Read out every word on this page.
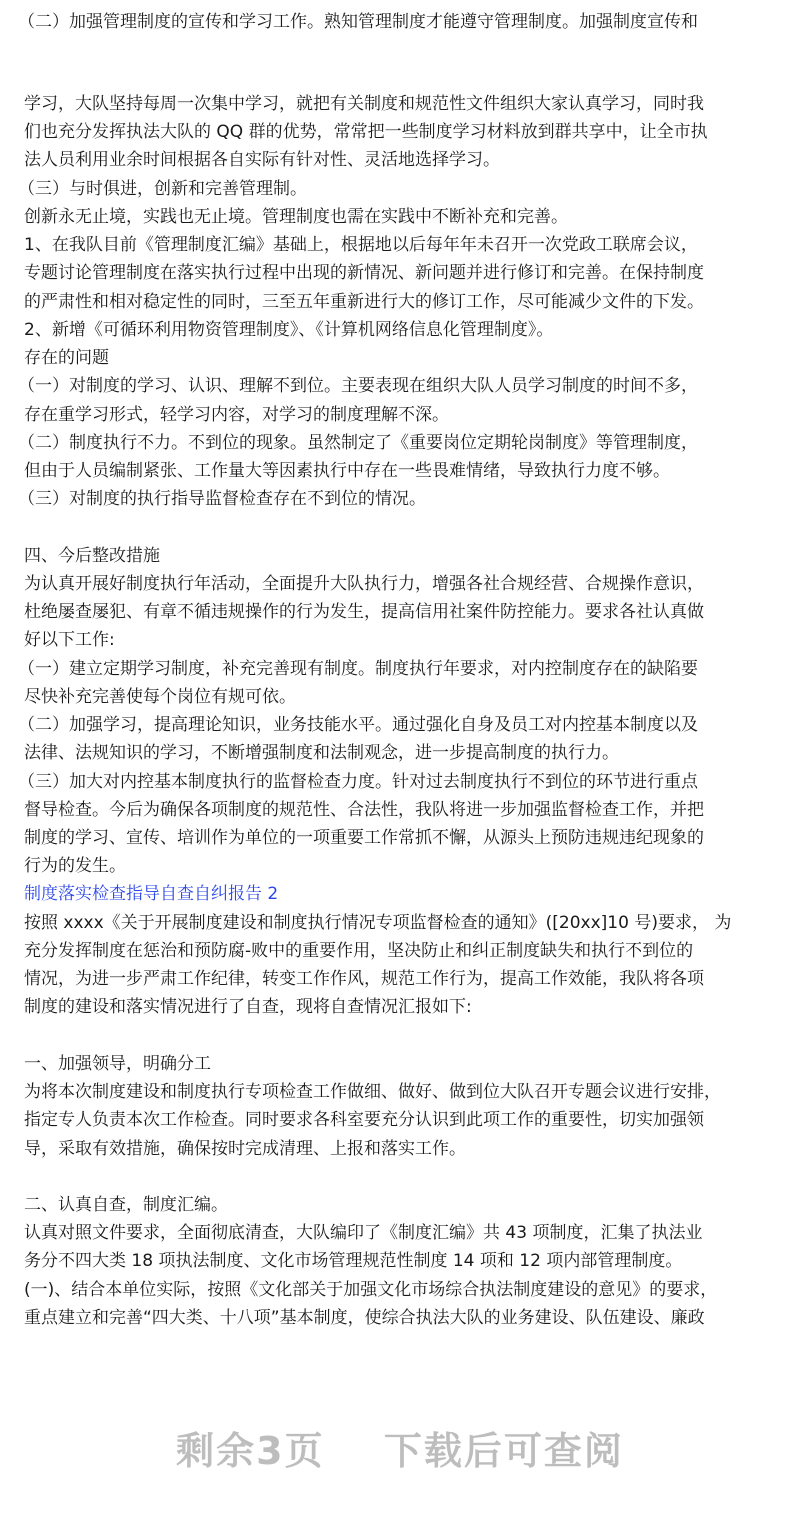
（二）加强管理制度的宣传和学习工作。熟知管理制度才能遵守管理制度。加强制度宣传和
学习，大队坚持每周一次集中学习，就把有关制度和规范性文件组织大家认真学习，同时我
们也充分发挥执法大队的 QQ 群的优势，常常把一些制度学习材料放到群共享中，让全市执
法人员利用业余时间根据各自实际有针对性、灵活地选择学习。
（三）与时俱进，创新和完善管理制。
创新永无止境，实践也无止境。管理制度也需在实践中不断补充和完善。
1、在我队目前《管理制度汇编》基础上，根据地以后每年年未召开一次党政工联席会议，
专题讨论管理制度在落实执行过程中出现的新情况、新问题并进行修订和完善。在保持制度
的严肃性和相对稳定性的同时，三至五年重新进行大的修订工作，尽可能减少文件的下发。
2、新增《可循环利用物资管理制度》、《计算机网络信息化管理制度》。
存在的问题
（一）对制度的学习、认识、理解不到位。主要表现在组织大队人员学习制度的时间不多，
存在重学习形式，轻学习内容，对学习的制度理解不深。
（二）制度执行不力。不到位的现象。虽然制定了《重要岗位定期轮岗制度》等管理制度，
但由于人员编制紧张、工作量大等因素执行中存在一些畏难情绪，导致执行力度不够。
（三）对制度的执行指导监督检查存在不到位的情况。
四、今后整改措施
为认真开展好制度执行年活动，全面提升大队执行力，增强各社合规经营、合规操作意识，
杜绝屡查屡犯、有章不循违规操作的行为发生，提高信用社案件防控能力。要求各社认真做
好以下工作:
（一）建立定期学习制度，补充完善现有制度。制度执行年要求，对内控制度存在的缺陷要
尽快补充完善使每个岗位有规可依。
（二）加强学习，提高理论知识，业务技能水平。通过强化自身及员工对内控基本制度以及
法律、法规知识的学习，不断增强制度和法制观念，进一步提高制度的执行力。
（三）加大对内控基本制度执行的监督检查力度。针对过去制度执行不到位的环节进行重点
督导检查。今后为确保各项制度的规范性、合法性，我队将进一步加强监督检查工作，并把
制度的学习、宣传、培训作为单位的一项重要工作常抓不懈，从源头上预防违规违纪现象的
行为的发生。
制度落实检查指导自查自纠报告 2
按照 xxxx《关于开展制度建设和制度执行情况专项监督检查的通知》([20xx]10 号)要求， 为
充分发挥制度在惩治和预防腐-败中的重要作用，坚决防止和纠正制度缺失和执行不到位的
情况，为进一步严肃工作纪律，转变工作作风，规范工作行为，提高工作效能，我队将各项
制度的建设和落实情况进行了自查，现将自查情况汇报如下:
一、加强领导，明确分工
为将本次制度建设和制度执行专项检查工作做细、做好、做到位大队召开专题会议进行安排，
指定专人负责本次工作检查。同时要求各科室要充分认识到此项工作的重要性，切实加强领
导，采取有效措施，确保按时完成清理、上报和落实工作。
二、认真自查，制度汇编。
认真对照文件要求，全面彻底清查，大队编印了《制度汇编》共 43 项制度，汇集了执法业
务分不四大类 18 项执法制度、文化市场管理规范性制度 14 项和 12 项内部管理制度。
(一)、结合本单位实际，按照《文化部关于加强文化市场综合执法制度建设的意见》的要求，
重点建立和完善“四大类、十八项”基本制度，使综合执法大队的业务建设、队伍建设、廉政
剩余3页 下载后可查阅
